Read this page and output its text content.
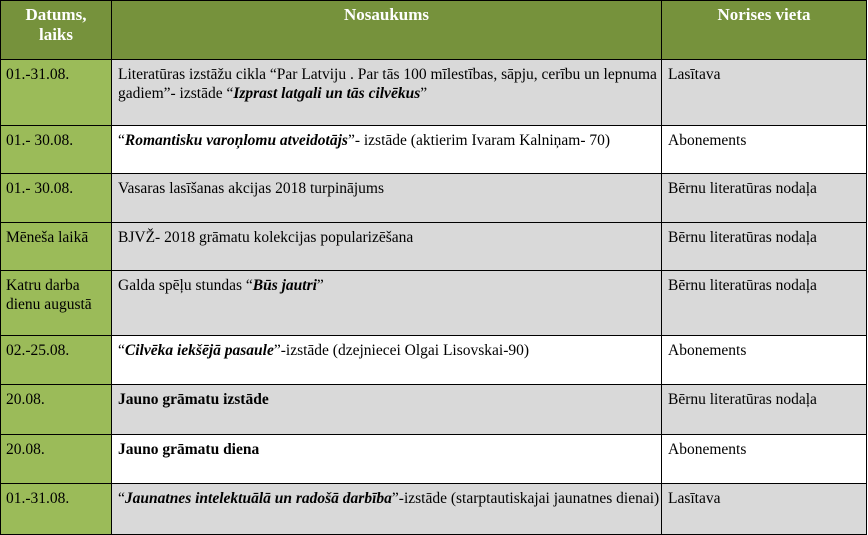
Datums, laiks	Nosaukums	Norises vieta
01.-31.08.	Literatūras izstāžu cikla “Par Latviju . Par tās 100 mīlestības, sāpju, cerību un lepnuma gadiem”- izstāde “Izprast latgali un tās cilvēkus”	Lasītava
01.- 30.08.	“Romantisku varoņlomu atveidotājs”- izstāde (aktierim Ivaram Kalniņam- 70)	Abonements
01.- 30.08.	Vasaras lasīšanas akcijas 2018 turpinājums	Bērnu literatūras nodaļa
Mēneša laikā	BJVŽ- 2018 grāmatu kolekcijas popularizēšana	Bērnu literatūras nodaļa
Katru darba dienu augustā	Galda spēļu stundas “Būs jautri”	Bērnu literatūras nodaļa
02.-25.08.	“Cilvēka iekšējā pasaule”-izstāde (dzejniecei Olgai Lisovskai-90)	Abonements
20.08.	Jauno grāmatu izstāde	Bērnu literatūras nodaļa
20.08.	Jauno grāmatu diena	Abonements
01.-31.08.	“Jaunatnes intelektuālā un radošā darbība”-izstāde (starptautiskajai jaunatnes dienai)	Lasītava
